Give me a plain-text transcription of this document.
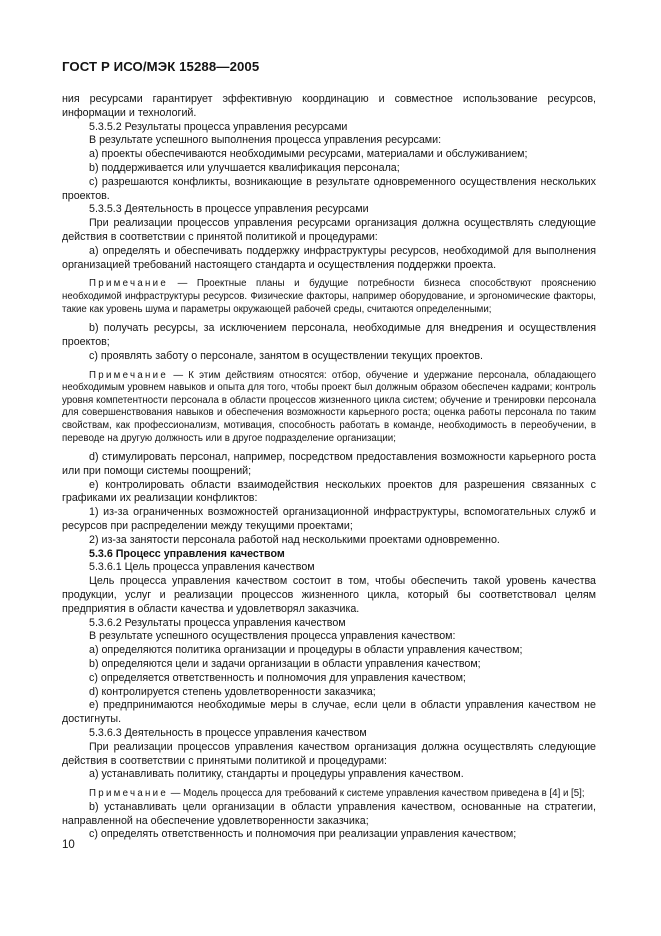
ГОСТ Р ИСО/МЭК 15288—2005

ния ресурсами гарантирует эффективную координацию и совместное использование ресурсов, информации и технологий.

5.3.5.2 Результаты процесса управления ресурсами

В результате успешного выполнения процесса управления ресурсами:

a) проекты обеспечиваются необходимыми ресурсами, материалами и обслуживанием;

b) поддерживается или улучшается квалификация персонала;

c) разрешаются конфликты, возникающие в результате одновременного осуществления нескольких проектов.

5.3.5.3 Деятельность в процессе управления ресурсами

При реализации процессов управления ресурсами организация должна осуществлять следующие действия в соответствии с принятой политикой и процедурами:

a) определять и обеспечивать поддержку инфраструктуры ресурсов, необходимой для выполнения организацией требований настоящего стандарта и осуществления поддержки проекта.

Примечание — Проектные планы и будущие потребности бизнеса способствуют прояснению необходимой инфраструктуры ресурсов. Физические факторы, например оборудование, и эргономические факторы, такие как уровень шума и параметры окружающей рабочей среды, считаются определенными;

b) получать ресурсы, за исключением персонала, необходимые для внедрения и осуществления проектов;

c) проявлять заботу о персонале, занятом в осуществлении текущих проектов.

Примечание — К этим действиям относятся: отбор, обучение и удержание персонала, обладающего необходимым уровнем навыков и опыта для того, чтобы проект был должным образом обеспечен кадрами; контроль уровня компетентности персонала в области процессов жизненного цикла систем; обучение и тренировки персонала для совершенствования навыков и обеспечения возможности карьерного роста; оценка работы персонала по таким свойствам, как профессионализм, мотивация, способность работать в команде, необходимость в переобучении, в переводе на другую должность или в другое подразделение организации;

d) стимулировать персонал, например, посредством предоставления возможности карьерного роста или при помощи системы поощрений;

e) контролировать области взаимодействия нескольких проектов для разрешения связанных с графиками их реализации конфликтов:

1) из-за ограниченных возможностей организационной инфраструктуры, вспомогательных служб и ресурсов при распределении между текущими проектами;

2) из-за занятости персонала работой над несколькими проектами одновременно.

5.3.6 Процесс управления качеством

5.3.6.1 Цель процесса управления качеством

Цель процесса управления качеством состоит в том, чтобы обеспечить такой уровень качества продукции, услуг и реализации процессов жизненного цикла, который бы соответствовал целям предприятия в области качества и удовлетворял заказчика.

5.3.6.2 Результаты процесса управления качеством

В результате успешного осуществления процесса управления качеством:

a) определяются политика организации и процедуры в области управления качеством;

b) определяются цели и задачи организации в области управления качеством;

c) определяется ответственность и полномочия для управления качеством;

d) контролируется степень удовлетворенности заказчика;

e) предпринимаются необходимые меры в случае, если цели в области управления качеством не достигнуты.

5.3.6.3 Деятельность в процессе управления качеством

При реализации процессов управления качеством организация должна осуществлять следующие действия в соответствии с принятыми политикой и процедурами:

a) устанавливать политику, стандарты и процедуры управления качеством.

Примечание — Модель процесса для требований к системе управления качеством приведена в [4] и [5];

b) устанавливать цели организации в области управления качеством, основанные на стратегии, направленной на обеспечение удовлетворенности заказчика;

c) определять ответственность и полномочия при реализации управления качеством;

10
